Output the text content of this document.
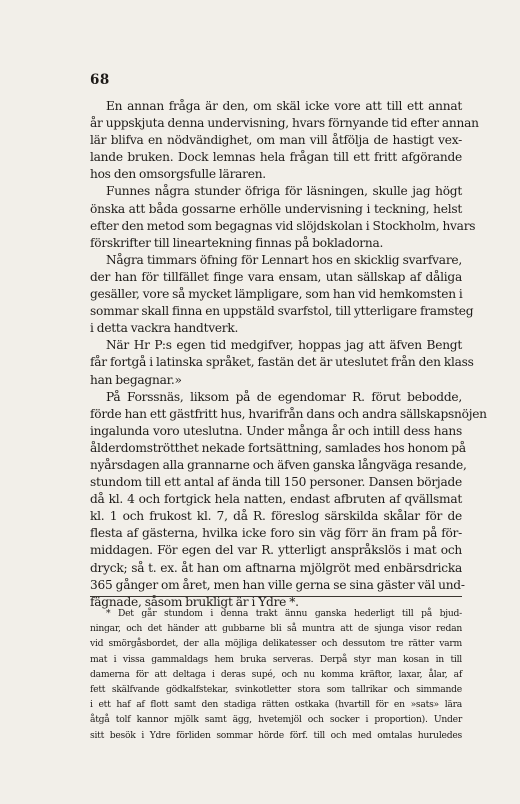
68
En annan fråga är den, om skäl icke vore att till ett annat
år uppskjuta denna undervisning, hvars förnyande tid efter annan
lär blifva en nödvändighet, om man vill åtfölja de hastigt vex-
lande bruken. Dock lemnas hela frågan till ett fritt afgörande
hos den omsorgsfulle läraren.
Funnes några stunder öfriga för läsningen, skulle jag högt
önska att båda gossarne erhölle undervisning i teckning, helst
efter den metod som begagnas vid slöjdskolan i Stockholm, hvars
förskrifter till lineartekning finnas på bokladorna.
Några timmars öfning för Lennart hos en skicklig svarfvare,
der han för tillfället finge vara ensam, utan sällskap af dåliga
gesäller, vore så mycket lämpligare, som han vid hemkomsten i
sommar skall finna en uppstäld svarfstol, till ytterligare framsteg
i detta vackra handtverk.
När Hr P:s egen tid medgifver, hoppas jag att äfven Bengt
får fortgå i latinska språket, fastän det är uteslutet från den klass
han begagnar.»
På Forssnäs, liksom på de egendomar R. förut bebodde,
förde han ett gästfritt hus, hvarifrån dans och andra sällskapsnöjen
ingalunda voro uteslutna. Under många år och intill dess hans
ålderdomströtthet nekade fortsättning, samlades hos honom på
nyårsdagen alla grannarne och äfven ganska långväga resande,
stundom till ett antal af ända till 150 personer. Dansen började
då kl. 4 och fortgick hela natten, endast afbruten af qvällsmat
kl. 1 och frukost kl. 7, då R. föreslog särskilda skålar för de
flesta af gästerna, hvilka icke foro sin väg förr än fram på för-
middagen. För egen del var R. ytterligt anspråkslös i mat och
dryck; så t. ex. åt han om aftnarna mjölgröt med enbärsdricka
365 gånger om året, men han ville gerna se sina gäster väl und-
fägnade, såsom brukligt är i Ydre *.
* Det går stundom i denna trakt ännu ganska hederligt till på bjud-
ningar, och det händer att gubbarne bli så muntra att de sjunga visor redan
vid smörgåsbordet, der alla möjliga delikatesser och dessutom tre rätter varm
mat i vissa gammaldags hem bruka serveras. Derpå styr man kosan in till
damerna för att deltaga i deras supé, och nu komma kräftor, laxar, ålar, af
fett skälfvande gödkalfstekar, svinkotletter stora som tallrikar och simmande
i ett haf af flott samt den stadiga rätten ostkaka (hvartill för en »sats» lära
åtgå tolf kannor mjölk samt ägg, hvetemjöl och socker i proportion). Under
sitt besök i Ydre förliden sommar hörde förf. till och med omtalas huruledes
